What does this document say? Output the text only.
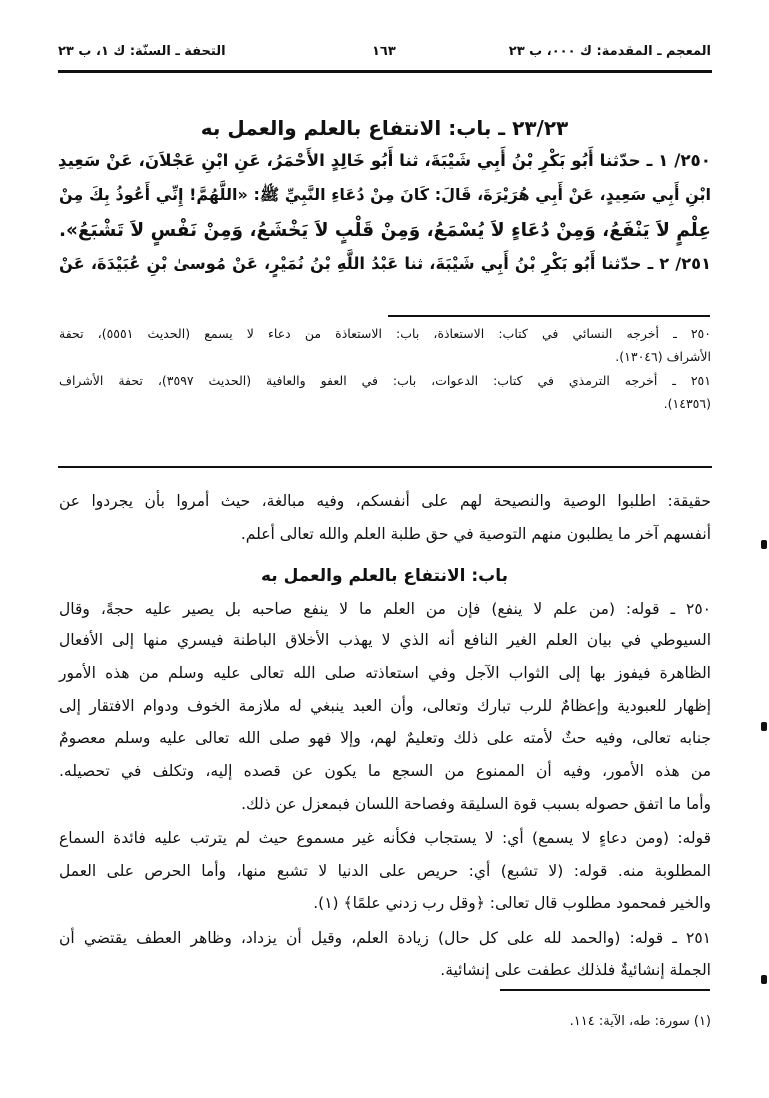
المعجم ـ المقدمة: ك ٠٠٠، ب ٢٣
١٦٣
التحفة ـ السنّة: ك ١، ب ٢٣
٢٣/٢٣ ـ باب: الانتفاع بالعلم والعمل به
٢٥٠/ ١ ـ حدّثنا أَبُو بَكْرِ بْنُ أَبِي شَيْبَةَ، ثنا أَبُو خَالِدٍ الأَحْمَرُ، عَنِ ابْنِ عَجْلاَنَ، عَنْ سَعِيدِ
ابْنِ أَبِي سَعِيدٍ، عَنْ أَبِي هُرَيْرَةَ، قَالَ: كَانَ مِنْ دُعَاءِ النَّبِيِّ ﷺ: «اللَّهُمَّ! إِنِّي أَعُوذُ بِكَ مِنْ
عِلْمٍ لاَ يَنْفَعُ، وَمِنْ دُعَاءٍ لاَ يُسْمَعُ، وَمِنْ قَلْبٍ لاَ يَخْشَعُ، وَمِنْ نَفْسٍ لاَ تَشْبَعُ».
٢٥١/ ٢ ـ حدّثنا أَبُو بَكْرِ بْنُ أَبِي شَيْبَةَ، ثنا عَبْدُ اللَّهِ بْنُ نُمَيْرٍ، عَنْ مُوسىٰ بْنِ عُبَيْدَةَ، عَنْ
٢٥٠ ـ أخرجه النسائي في كتاب: الاستعاذة، باب: الاستعاذة من دعاء لا يسمع (الحديث ٥٥٥١)، تحفة
الأشراف (١٣٠٤٦).
٢٥١ ـ أخرجه الترمذي في كتاب: الدعوات، باب: في العفو والعافية (الحديث ٣٥٩٧)، تحفة الأشراف
(١٤٣٥٦).
حقيقة: اطلبوا الوصية والنصيحة لهم على أنفسكم، وفيه مبالغة، حيث أمروا بأن يجردوا عن
أنفسهم آخر ما يطلبون منهم التوصية في حق طلبة العلم والله تعالى أعلم.
باب: الانتفاع بالعلم والعمل به
٢٥٠ ـ قوله: (من علم لا ينفع) فإن من العلم ما لا ينفع صاحبه بل يصير عليه حجةً، وقال
السيوطي في بيان العلم الغير النافع أنه الذي لا يهذب الأخلاق الباطنة فيسري منها إلى الأفعال
الظاهرة فيفوز بها إلى الثواب الآجل وفي استعاذته صلى الله تعالى عليه وسلم من هذه الأمور
إظهار للعبودية وإعظامٌ للرب تبارك وتعالى، وأن العبد ينبغي له ملازمة الخوف ودوام الافتقار إلى
جنابه تعالى، وفيه حثٌ لأمته على ذلك وتعليمٌ لهم، وإلا فهو صلى الله تعالى عليه وسلم معصومٌ
من هذه الأمور، وفيه أن الممنوع من السجع ما يكون عن قصده إليه، وتكلف في تحصيله.
وأما ما اتفق حصوله بسبب قوة السليقة وفصاحة اللسان فبمعزل عن ذلك.
قوله: (ومن دعاءٍ لا يسمع) أي: لا يستجاب فكأنه غير مسموع حيث لم يترتب عليه فائدة السماع
المطلوبة منه. قوله: (لا تشبع) أي: حريص على الدنيا لا تشبع منها، وأما الحرص على العمل
والخير فمحمود مطلوب قال تعالى: ﴿وقل رب زدني علمًا﴾ (١).
٢٥١ ـ قوله: (والحمد لله على كل حال) زيادة العلم، وقيل أن يزداد، وظاهر العطف يقتضي أن
الجملة إنشائيةٌ فلذلك عطفت على إنشائية.
(١) سورة: طه، الآية: ١١٤.
